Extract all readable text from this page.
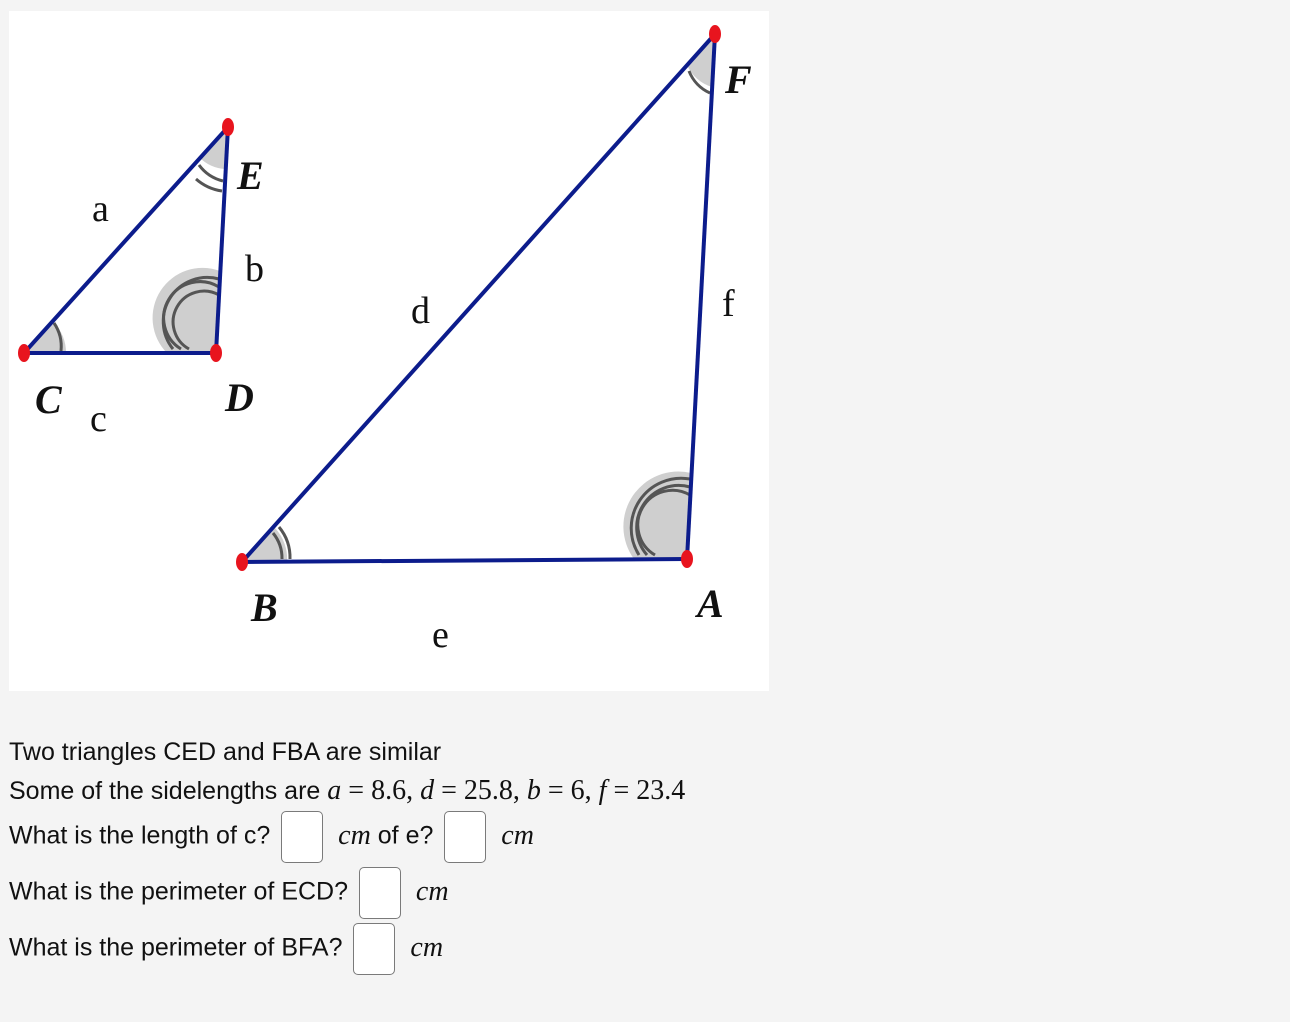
C
E
D
F
B	A
a
b
c
d
e
f
Two triangles CED and FBA are similar
Some of the sidelengths are a = 8.6, d = 25.8, b = 6, f = 23.4
What is the length of c? cm of e? cm
What is the perimeter of ECD? cm
What is the perimeter of BFA? cm
